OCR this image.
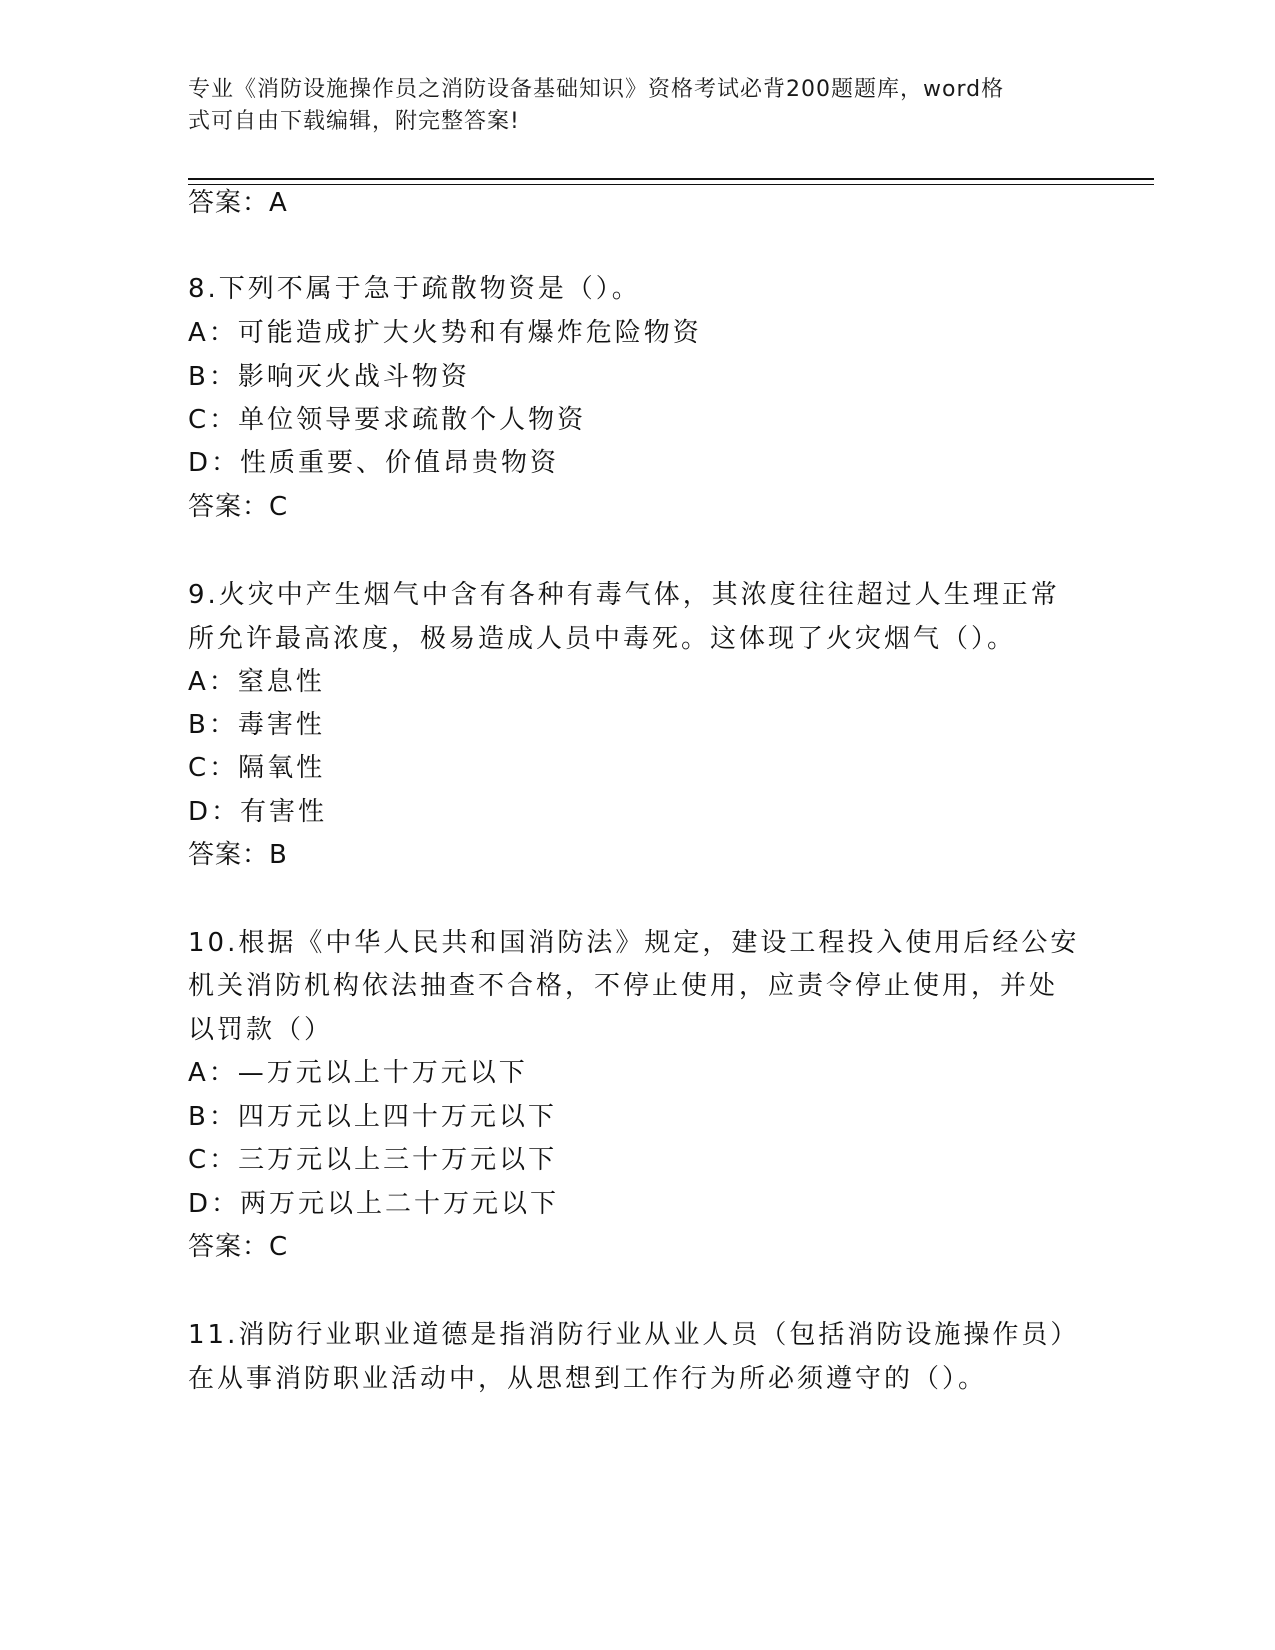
专业《消防设施操作员之消防设备基础知识》资格考试必背200题题库，word格
式可自由下载编辑，附完整答案!
答案：A
8.下列不属于急于疏散物资是（）。
A：可能造成扩大火势和有爆炸危险物资
B：影响灭火战斗物资
C：单位领导要求疏散个人物资
D：性质重要、价值昂贵物资
答案：C
9.火灾中产生烟气中含有各种有毒气体，其浓度往往超过人生理正常
所允许最高浓度，极易造成人员中毒死。这体现了火灾烟气（）。
A：窒息性
B：毒害性
C：隔氧性
D：有害性
答案：B
10.根据《中华人民共和国消防法》规定，建设工程投入使用后经公安
机关消防机构依法抽查不合格，不停止使用，应责令停止使用，并处
以罚款（）
A：—万元以上十万元以下
B：四万元以上四十万元以下
C：三万元以上三十万元以下
D：两万元以上二十万元以下
答案：C
11.消防行业职业道德是指消防行业从业人员（包括消防设施操作员）
在从事消防职业活动中，从思想到工作行为所必须遵守的（）。
